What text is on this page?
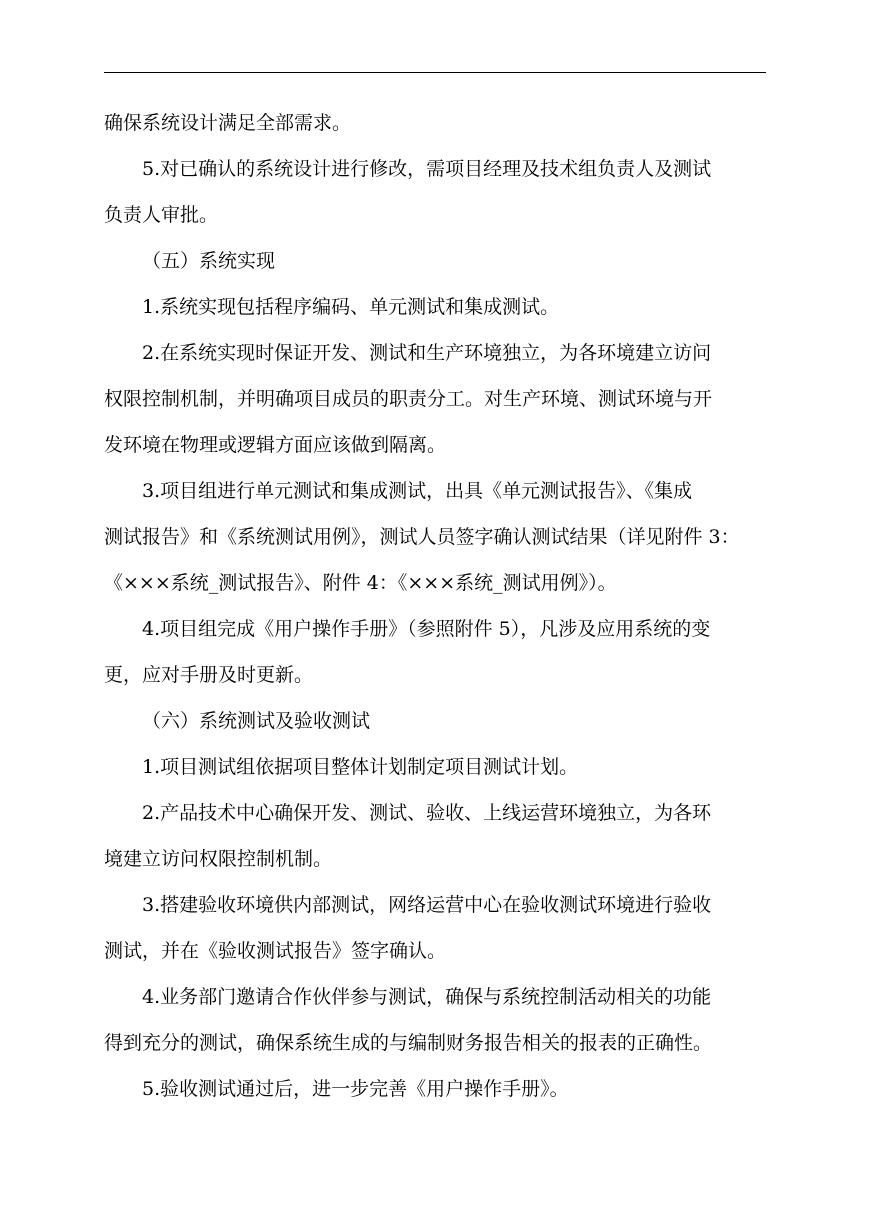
确保系统设计满足全部需求。

5.对已确认的系统设计进行修改，需项目经理及技术组负责人及测试

负责人审批。

（五）系统实现

1.系统实现包括程序编码、单元测试和集成测试。

2.在系统实现时保证开发、测试和生产环境独立，为各环境建立访问

权限控制机制，并明确项目成员的职责分工。对生产环境、测试环境与开

发环境在物理或逻辑方面应该做到隔离。

3.项目组进行单元测试和集成测试，出具《单元测试报告》、《集成

测试报告》和《系统测试用例》，测试人员签字确认测试结果（详见附件 3：

《×××系统_测试报告》、附件 4：《×××系统_测试用例》）。

4.项目组完成《用户操作手册》（参照附件 5），凡涉及应用系统的变

更，应对手册及时更新。

（六）系统测试及验收测试

1.项目测试组依据项目整体计划制定项目测试计划。

2.产品技术中心确保开发、测试、验收、上线运营环境独立，为各环

境建立访问权限控制机制。

3.搭建验收环境供内部测试，网络运营中心在验收测试环境进行验收

测试，并在《验收测试报告》签字确认。

4.业务部门邀请合作伙伴参与测试，确保与系统控制活动相关的功能

得到充分的测试，确保系统生成的与编制财务报告相关的报表的正确性。

5.验收测试通过后，进一步完善《用户操作手册》。
